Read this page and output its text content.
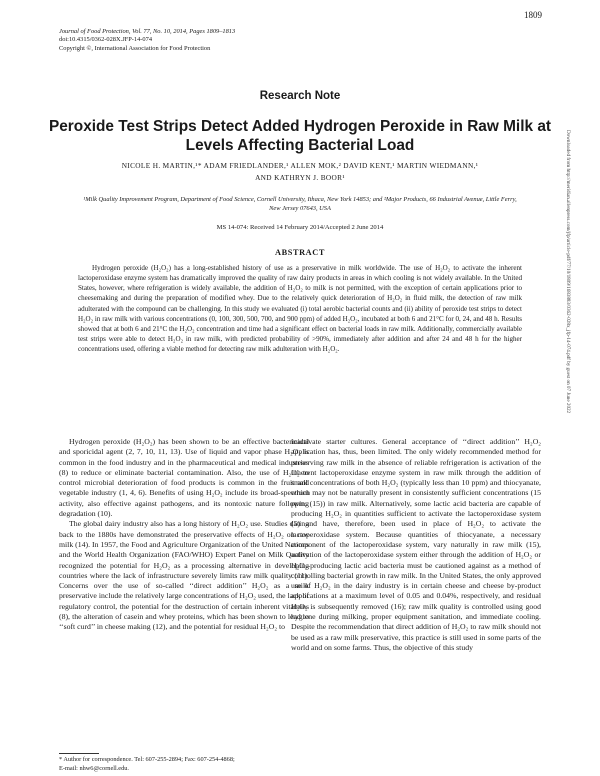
1809
Journal of Food Protection, Vol. 77, No. 10, 2014, Pages 1809–1813
doi:10.4315/0362-028X.JFP-14-074
Copyright ©, International Association for Food Protection
Research Note
Peroxide Test Strips Detect Added Hydrogen Peroxide in Raw Milk at Levels Affecting Bacterial Load
NICOLE H. MARTIN,¹* ADAM FRIEDLANDER,¹ ALLEN MOK,² DAVID KENT,¹ MARTIN WIEDMANN,¹
AND KATHRYN J. BOOR¹
¹Milk Quality Improvement Program, Department of Food Science, Cornell University, Ithaca, New York 14853; and ²Major Products, 66 Industrial Avenue, Little Ferry, New Jersey 07643, USA
MS 14-074: Received 14 February 2014/Accepted 2 June 2014
ABSTRACT
Hydrogen peroxide (H₂O₂) has a long-established history of use as a preservative in milk worldwide. The use of H₂O₂ to activate the inherent lactoperoxidase enzyme system has dramatically improved the quality of raw dairy products in areas in which cooling is not widely available. In the United States, however, where refrigeration is widely available, the addition of H₂O₂ to milk is not permitted, with the exception of certain applications prior to cheesemaking and during the preparation of modified whey. Due to the relatively quick deterioration of H₂O₂ in fluid milk, the detection of raw milk adulterated with the compound can be challenging. In this study we evaluated (i) total aerobic bacterial counts and (ii) ability of peroxide test strips to detect H₂O₂ in raw milk with various concentrations (0, 100, 300, 500, 700, and 900 ppm) of added H₂O₂, incubated at both 6 and 21°C for 0, 24, and 48 h. Results showed that at both 6 and 21°C the H₂O₂ concentration and time had a significant effect on bacterial loads in raw milk. Additionally, commercially available test strips were able to detect H₂O₂ in raw milk, with predicted probability of >90%, immediately after addition and after 24 and 48 h for the higher concentrations used, offering a viable method for detecting raw milk adulteration with H₂O₂.

Hydrogen peroxide (H₂O₂) has been shown to be an effective bactericidal and sporicidal agent (2, 7, 10, 11, 13). Use of liquid and vapor phase H₂O₂ is common in the food industry and in the pharmaceutical and medical industries (8) to reduce or eliminate bacterial contamination. Also, the use of H₂O₂ to control microbial deterioration of food products is common in the fruit and vegetable industry (1, 4, 6). Benefits of using H₂O₂ include its broad-spectrum activity, also effective against pathogens, and its nontoxic nature following degradation (10).

The global dairy industry also has a long history of H₂O₂ use. Studies dating back to the 1880s have demonstrated the preservative effects of H₂O₂ on raw milk (14). In 1957, the Food and Agriculture Organization of the United Nations and the World Health Organization (FAO/WHO) Expert Panel on Milk Quality recognized the potential for H₂O₂ as a processing alternative in developing countries where the lack of infrastructure severely limits raw milk quality (11). Concerns over the use of so-called ‘‘direct addition’’ H₂O₂ as a milk preservative include the relatively large concentrations of H₂O₂ used, the lack of regulatory control, the potential for the destruction of certain inherent vitamins (8), the alteration of casein and whey proteins, which has been shown to lead to ‘‘soft curd’’ in cheese making (12), and the potential for residual H₂O₂ to

inactivate starter cultures. General acceptance of ‘‘direct addition’’ H₂O₂ application has, thus, been limited. The only widely recommended method for preserving raw milk in the absence of reliable refrigeration is activation of the inherent lactoperoxidase enzyme system in raw milk through the addition of small concentrations of both H₂O₂ (typically less than 10 ppm) and thiocyanate, which may not be naturally present in consistently sufficient concentrations (15 ppm; (15)) in raw milk. Alternatively, some lactic acid bacteria are capable of producing H₂O₂ in quantities sufficient to activate the lactoperoxidase system (5) and have, therefore, been used in place of H₂O₂ to activate the lactoperoxidase system. Because quantities of thiocyanate, a necessary component of the lactoperoxidase system, vary naturally in raw milk (15), activation of the lactoperoxidase system either through the addition of H₂O₂ or H₂O₂-producing lactic acid bacteria must be cautioned against as a method of controlling bacterial growth in raw milk. In the United States, the only approved use of H₂O₂ in the dairy industry is in certain cheese and cheese by-product applications at a maximum level of 0.05 and 0.04%, respectively, and residual H₂O₂ is subsequently removed (16); raw milk quality is controlled using good hygiene during milking, proper equipment sanitation, and immediate cooling. Despite the recommendation that direct addition of H₂O₂ to raw milk should not be used as a raw milk preservative, this practice is still used in some parts of the world and on some farms. Thus, the objective of this study

* Author for correspondence. Tel: 607-255-2894; Fax: 607-254-4868;
E-mail: nhw6@cornell.edu.
Downloaded from http://meridian.allenpress.com/jfp/article-pdf/77/10/1809/1683883/0362-028x_jfp-14-074.pdf by guest on 07 June 2022
